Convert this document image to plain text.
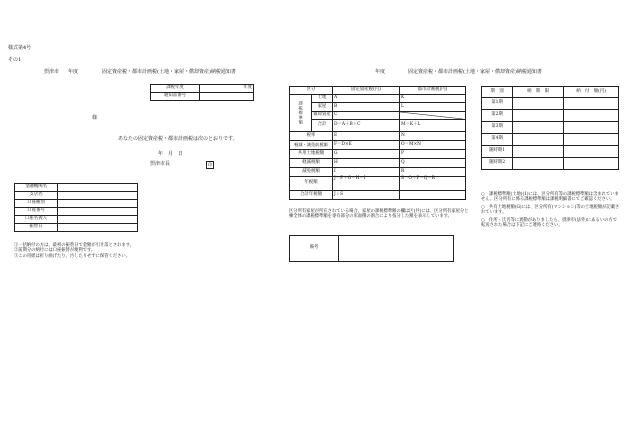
様式第4号
その1
摂津市 年度	固定資産税・都市計画税(土地・家屋・償却資産)納税通知書	年度	固定資産税・都市計画税(土地・家屋・償却資産)納税通知書
課税年度	年度
通知書番号	
様
あなたの固定資産税・都市計画税は次のとおりです。
年　月　日
摂津市長	印
金融機関名	
支店名	
口座種別	
口座番号	
口座名義人	
振替日	
①一括納付の方は、最初の振替日で金額が引き落とされます。
②前期分の納付には口座振替が便利です。
③この用紙は折り曲げたり、汚したりせずに保管ください。
区分		固定資産税(円)	都市計画税(円)

課税標準額	土地	A	K
	家屋	B	L
	償却資産	C	

	合計	D＝A＋B＋C	M＝K＋L
税率		E	N
軽減・減免前税額		F＝D×E	O＝M×N
共用土地税額		G	P
軽減税額		H	Q
減免税額		I	R
年税額		J＝F＋G－H－I	S＝O＋P－Q－R
合計年税額		J＋S	
区分所有家屋が所在されている場合、家屋の課税標準額の欄は区(共)には、区分所有家屋分と棟全体の課税標準額を専有部分の床面積の割合により按分した額を表示しています。
備考	
期　別	納　期　限	納　付　額(円)
第1期		
第2期		
第3期		
第4期		
随時期1		
随時期2		
○　課税標準額(土地)(1)には、区分所有等の課税標準額は含まれていません。区分所有に係る課税標準額は課税明細書にてご確認ください。
○　共有土地税額(G)には、区分所有(マンション)等の土地税額が記載されています。
○　住所・氏名等に異動がありましたら、摂津市(法外)にあるいの方で転送された場合は下記にご連絡ください。
